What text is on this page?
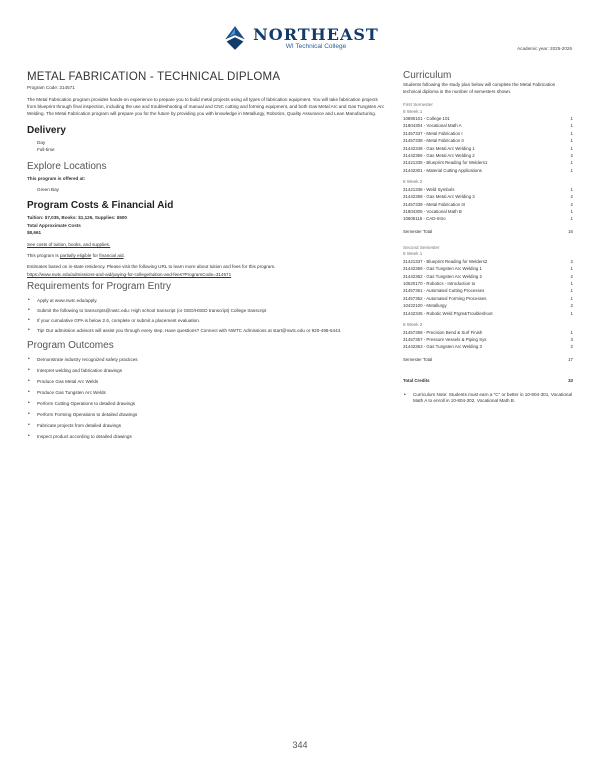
NORTHEAST
WI Technical College	Academic year: 2025-2026
METAL FABRICATION - TECHNICAL DIPLOMA
Program Code: 314571

The Metal Fabrication program provides hands-on experience to prepare you to build metal projects using all types of fabrication equipment. You will take fabrication projects from blueprint through final inspection, including the use and troubleshooting of manual and CNC cutting and forming equipment, and both Gas Metal Arc and Gas Tungsten Arc Welding. The Metal Fabrication program will prepare you for the future by providing you with knowledge in Metallurgy, Robotics, Quality Assurance and Lean Manufacturing.

Delivery
Day
Full-time
Explore Locations
This program is offered at:
Green Bay
Program Costs & Financial Aid
Tuition: $7,035, Books: $1,126, Supplies: $500
Total Approximate Costs
$8,661
See costs of tuition, books, and supplies.
This program is partially eligible for financial aid.
Estimates based on in-state residency. Please visit the following URL to learn more about tuition and fees for this program.
https://www.nwtc.edu/admissions-and-aid/paying-for-college/tuition-and-fees?ProgramCode=314571
Requirements for Program Entry
• Apply at www.nwtc.edu/apply.
• Submit the following to transcripts@nwtc.edu: High school transcript (or GED/HSED transcript) College transcript
• If your cumulative GPA is below 2.6, complete or submit a placement evaluation.
• Tip! Our admission advisors will assist you through every step. Have questions? Connect with NWTC Admissions at start@nwtc.edu or 920-498-5444.
Program Outcomes
• Demonstrate industry recognized safety practices
• Interpret welding and fabrication drawings
• Produce Gas Metal Arc Welds
• Produce Gas Tungsten Arc Welds
• Perform Cutting Operations to detailed drawings
• Perform Forming Operations to detailed drawings
• Fabricate projects from detailed drawings
• Inspect product according to detailed drawings
Curriculum

Students following the study plan below will complete the Metal Fabrication technical diploma in the number of semesters shown.

First Semester
8 Week 1
10890101 - College 101	1
31804304 - Vocational Math A	1
31457337 - Metal Fabrication I	1
31457338 - Metal Fabrication II	1
31442348 - Gas Metal Arc Welding 1	1
31442356 - Gas Metal Arc Welding 2	2
31421335 - Blueprint Reading for Welders1	1
31442301 - Material Cutting Applications	1
8 Week 2
31421336 - Weld Symbols	1
31442358 - Gas Metal Arc Welding 3	2
31457339 - Metal Fabrication III	2
31804305 - Vocational Math B	1
10606116 - CAD-Intro	1
Semester Total	16
Second Semester
8 Week 1
31421337 - Blueprint Reading for Welders2	2
31442359 - Gas Tungsten Arc Welding 1	1
31442362 - Gas Tungsten Arc Welding 2	2
10620170 - Robotics - Introduction to	1
31457351 - Automated Cutting Processes	1
31457352 - Automated Forming Processes	1
10422100 - Metallurgy	2
31442345 - Robotic Weld Prgm&Troubleshoot	1
8 Week 2
31457358 - Precision Bend & Surf Finish	1
31457357 - Pressure Vessels & Piping Sys	3
31442363 - Gas Tungsten Arc Welding 3	2
Semester Total	17
Total Credits	33
• Curriculum Note: Students must earn a "C" or better in 10-804-301, Vocational Math A to enroll in 10-804-302, Vocational Math B.
344
